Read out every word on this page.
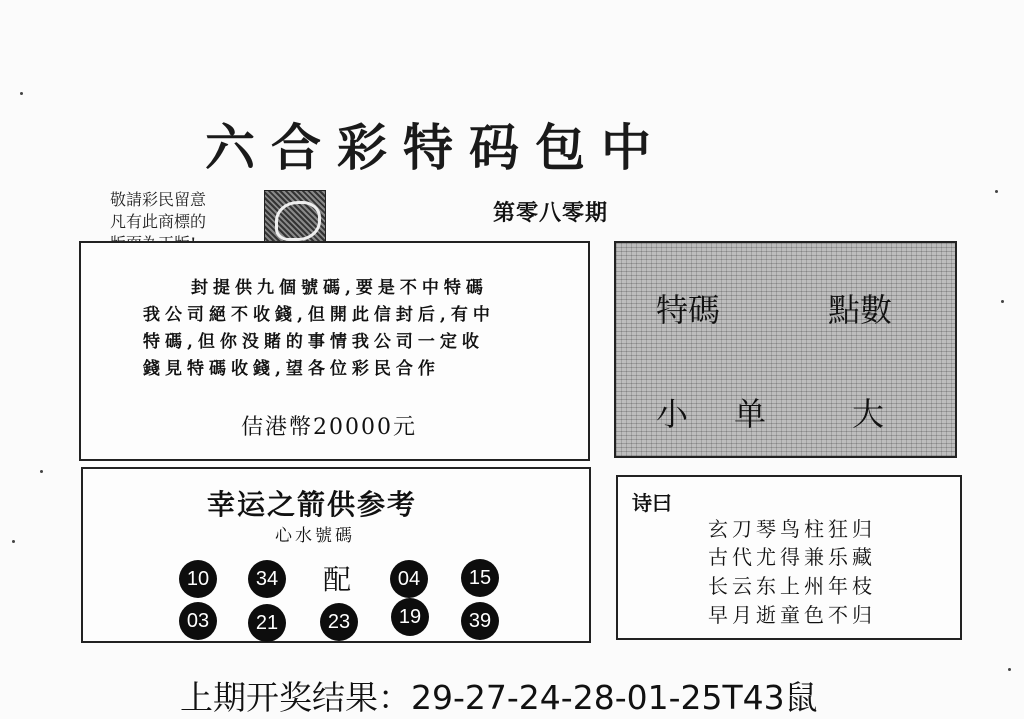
六合彩特码包中
敬請彩民留意
凡有此商標的	第零八零期
封提供九個號碼,要是不中特碼
我公司絕不收錢,但開此信封后,有中
特碼,但你没賭的事情我公司一定收
錢見特碼收錢,望各位彩民合作
佶港幣20000元
特碼	點數
小 单	大
幸运之箭供参考
心水號碼
10	34 配	04	15
03	21	23	19	39
诗曰
玄刀琴鸟柱狂归
古代尤得兼乐藏
长云东上州年枝
早月逝童色不归
上期开奖结果：29-27-24-28-01-25T43鼠
